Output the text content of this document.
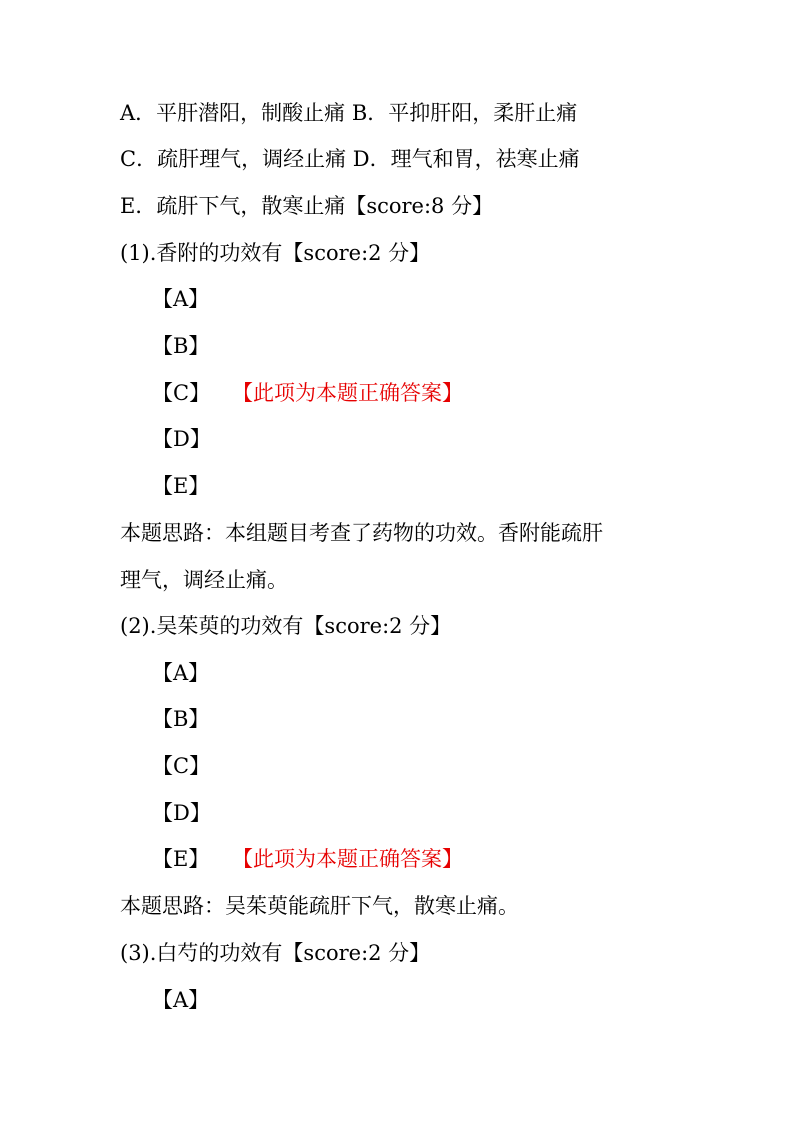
A．平肝潜阳，制酸止痛 B．平抑肝阳，柔肝止痛
C．疏肝理气，调经止痛 D．理气和胃，祛寒止痛
E．疏肝下气，散寒止痛【score:8 分】
(1).香附的功效有【score:2 分】
【A】
【B】
【C】 【此项为本题正确答案】
【D】
【E】
本题思路：本组题目考查了药物的功效。香附能疏肝
理气，调经止痛。
(2).吴茱萸的功效有【score:2 分】
【A】
【B】
【C】
【D】
【E】 【此项为本题正确答案】
本题思路：吴茱萸能疏肝下气，散寒止痛。
(3).白芍的功效有【score:2 分】
【A】
